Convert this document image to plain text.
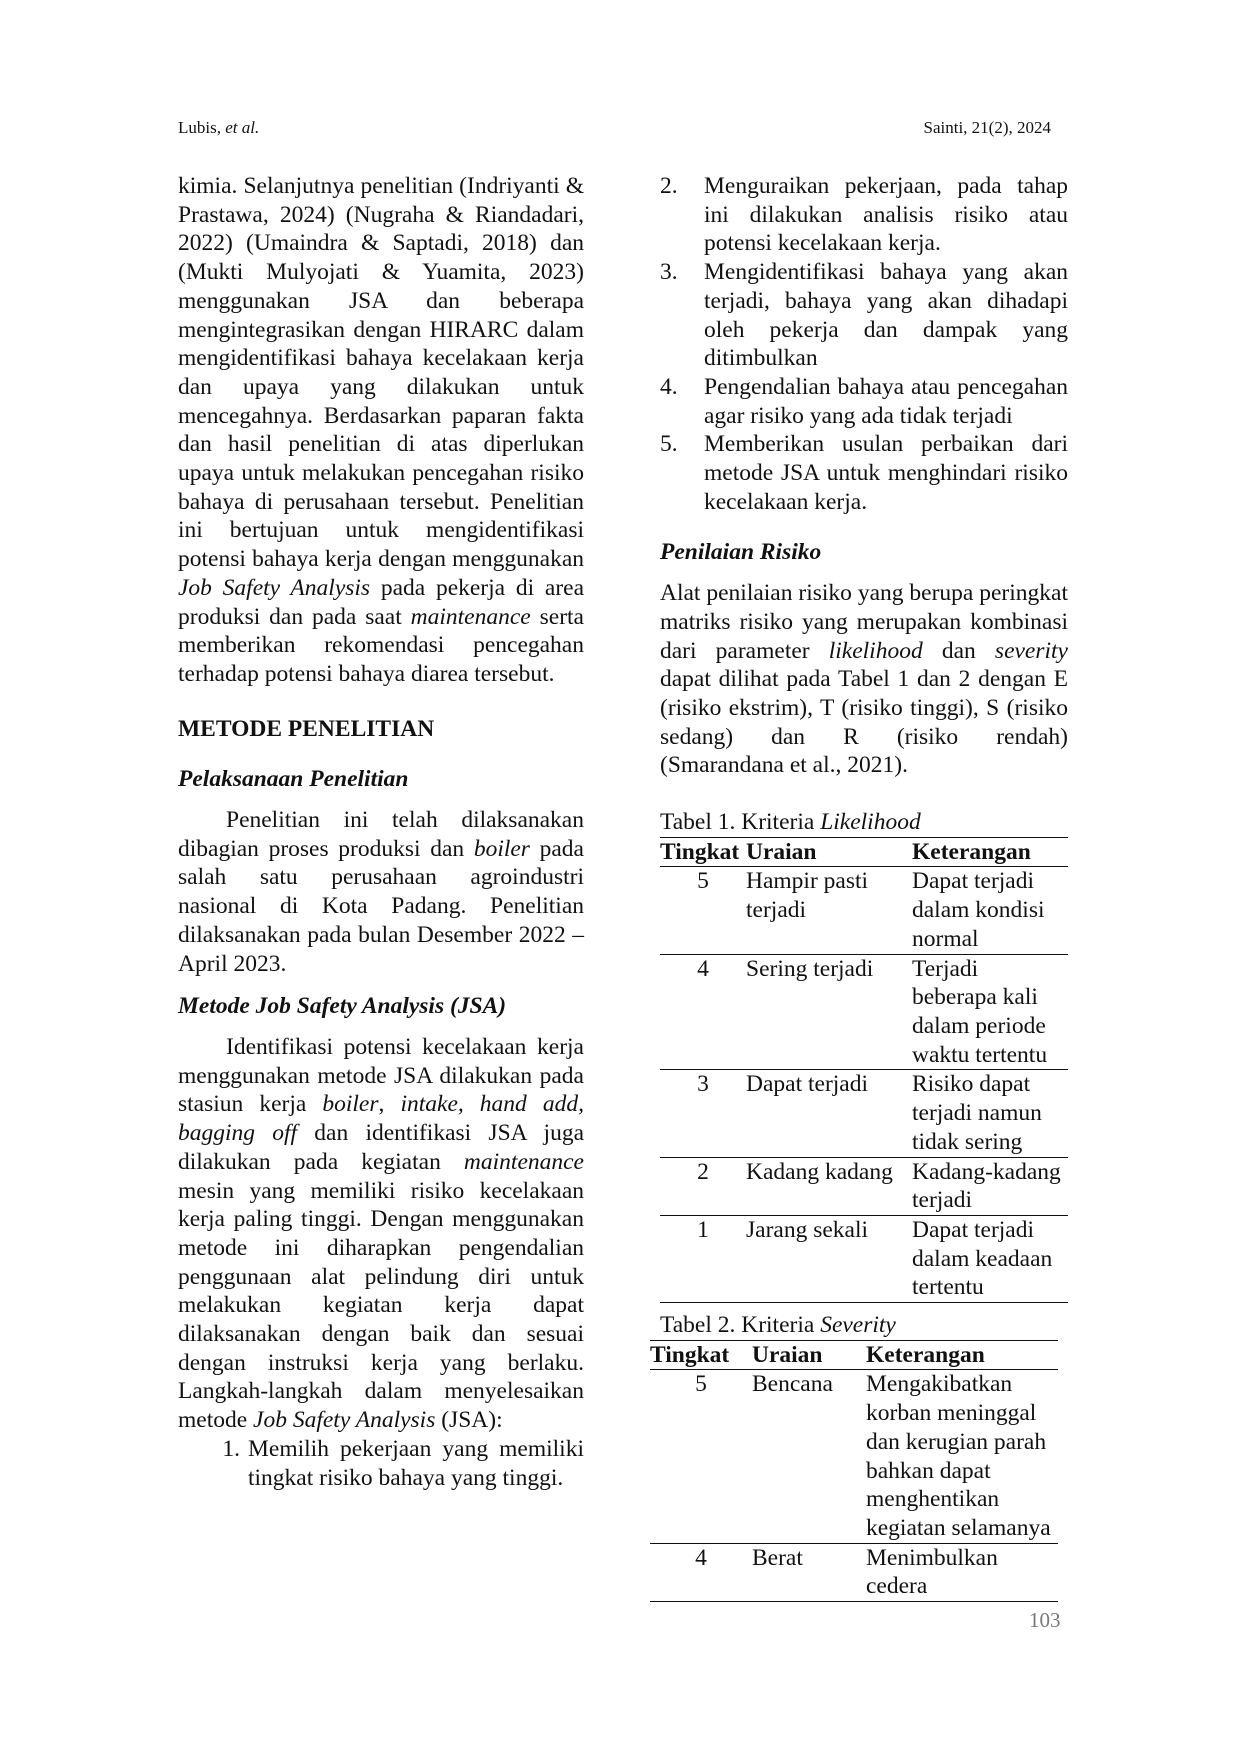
Lubis, et al.	Sainti, 21(2), 2024

kimia. Selanjutnya penelitian (Indriyanti & Prastawa, 2024) (Nugraha & Riandadari, 2022) (Umaindra & Saptadi, 2018) dan (Mukti Mulyojati & Yuamita, 2023) menggunakan JSA dan beberapa mengintegrasikan dengan HIRARC dalam mengidentifikasi bahaya kecelakaan kerja dan upaya yang dilakukan untuk mencegahnya. Berdasarkan paparan fakta dan hasil penelitian di atas diperlukan upaya untuk melakukan pencegahan risiko bahaya di perusahaan tersebut. Penelitian ini bertujuan untuk mengidentifikasi potensi bahaya kerja dengan menggunakan Job Safety Analysis pada pekerja di area produksi dan pada saat maintenance serta memberikan rekomendasi pencegahan terhadap potensi bahaya diarea tersebut.

METODE PENELITIAN
Pelaksanaan Penelitian

Penelitian ini telah dilaksanakan dibagian proses produksi dan boiler pada salah satu perusahaan agroindustri nasional di Kota Padang. Penelitian dilaksanakan pada bulan Desember 2022 – April 2023.

Metode Job Safety Analysis (JSA)

Identifikasi potensi kecelakaan kerja menggunakan metode JSA dilakukan pada stasiun kerja boiler, intake, hand add, bagging off dan identifikasi JSA juga dilakukan pada kegiatan maintenance mesin yang memiliki risiko kecelakaan kerja paling tinggi. Dengan menggunakan metode ini diharapkan pengendalian penggunaan alat pelindung diri untuk melakukan kegiatan kerja dapat dilaksanakan dengan baik dan sesuai dengan instruksi kerja yang berlaku. Langkah-langkah dalam menyelesaikan metode Job Safety Analysis (JSA):

1. Memilih pekerjaan yang memiliki tingkat risiko bahaya yang tinggi.
2.	Menguraikan pekerjaan, pada tahap ini dilakukan analisis risiko atau potensi kecelakaan kerja.
3.	Mengidentifikasi bahaya yang akan terjadi, bahaya yang akan dihadapi oleh pekerja dan dampak yang ditimbulkan
4.	Pengendalian bahaya atau pencegahan agar risiko yang ada tidak terjadi
5.	Memberikan usulan perbaikan dari metode JSA untuk menghindari risiko kecelakaan kerja.
Penilaian Risiko

Alat penilaian risiko yang berupa peringkat matriks risiko yang merupakan kombinasi dari parameter likelihood dan severity dapat dilihat pada Tabel 1 dan 2 dengan E (risiko ekstrim), T (risiko tinggi), S (risiko sedang) dan R (risiko rendah) (Smarandana et al., 2021).

Tabel 1. Kriteria Likelihood
Tingkat	Uraian	Keterangan
5	Hampir pasti terjadi	Dapat terjadi dalam kondisi normal
4	Sering terjadi	Terjadi beberapa kali dalam periode waktu tertentu
3	Dapat terjadi	Risiko dapat terjadi namun tidak sering
2	Kadang kadang	Kadang-kadang terjadi
1	Jarang sekali	Dapat terjadi dalam keadaan tertentu
Tabel 2. Kriteria Severity
Tingkat	Uraian	Keterangan
5	Bencana	Mengakibatkan korban meninggal dan kerugian parah bahkan dapat menghentikan kegiatan selamanya
4	Berat	Menimbulkan cedera
103
